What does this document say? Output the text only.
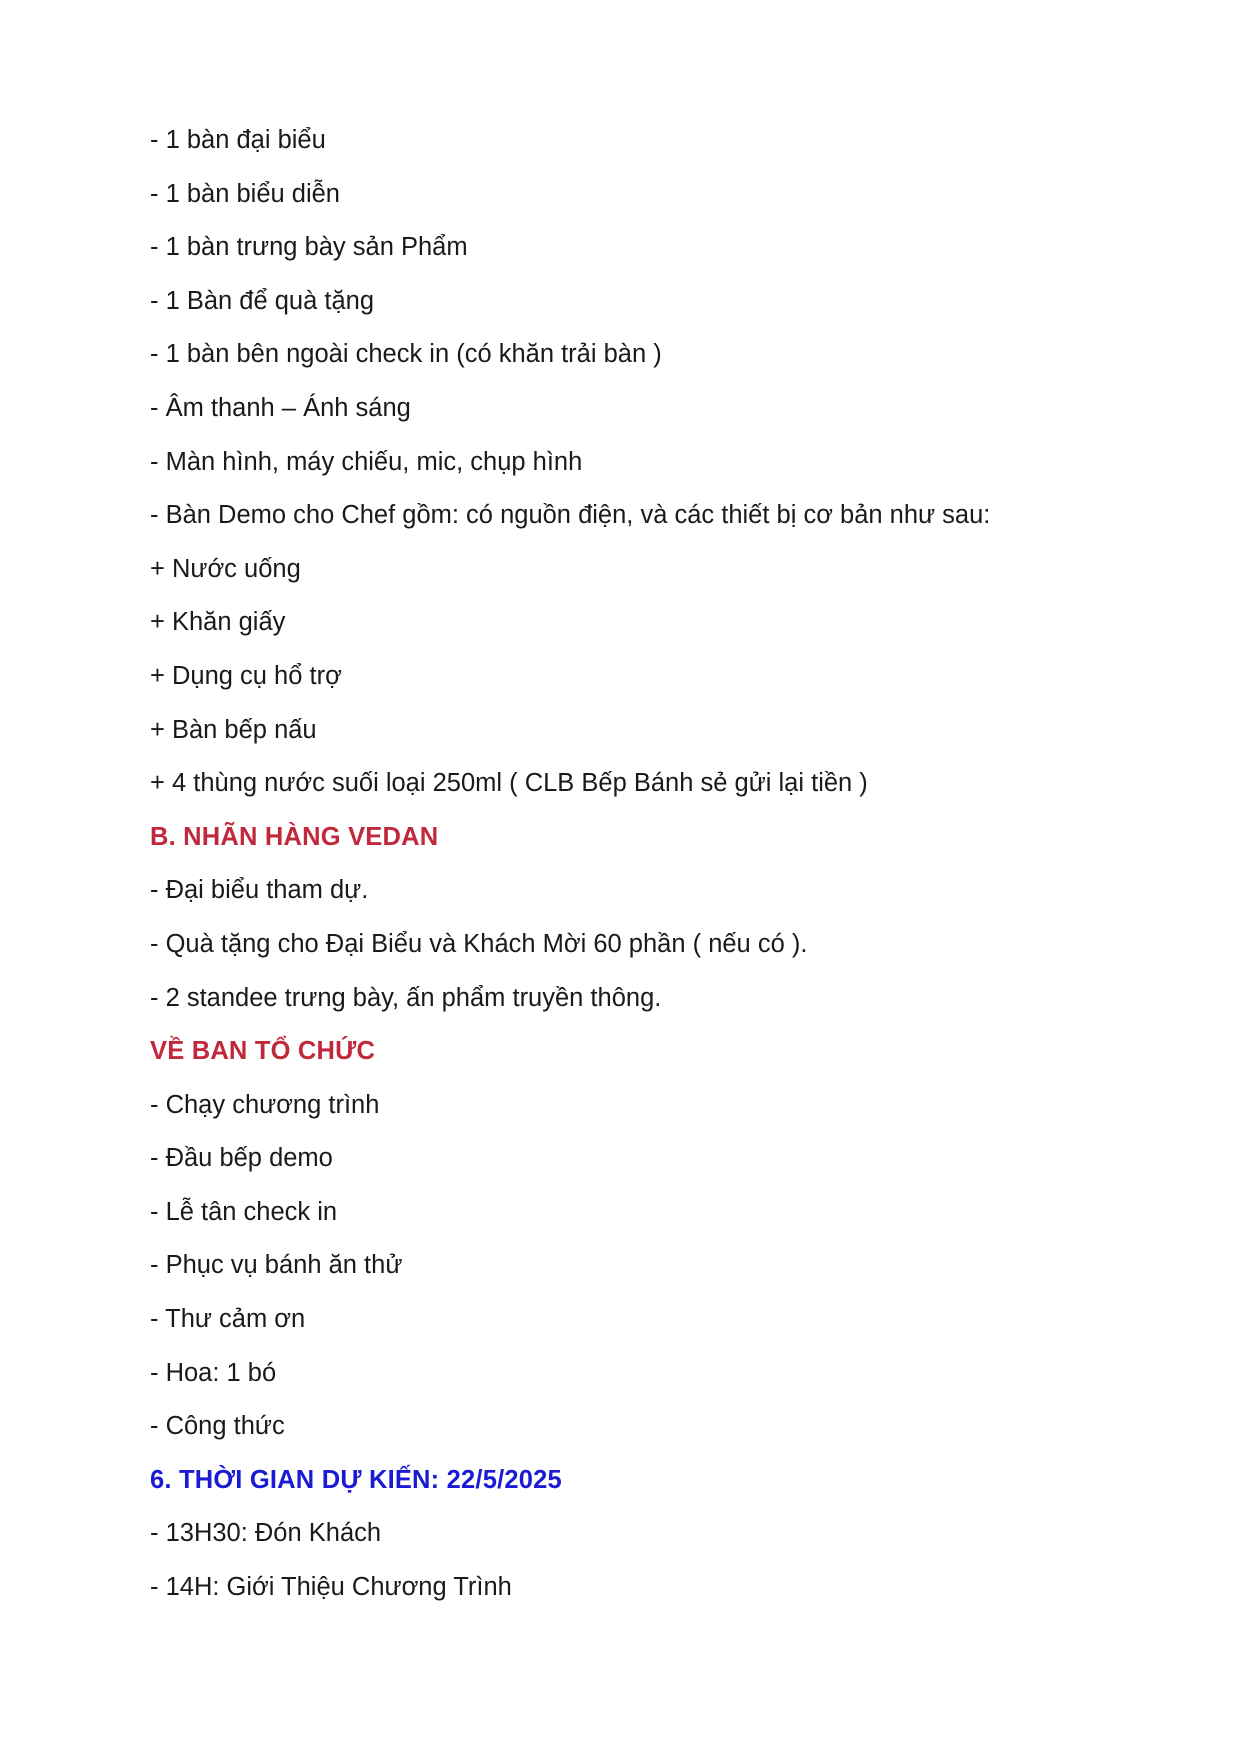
- 1 bàn đại biểu
- 1 bàn biểu diễn
- 1 bàn trưng bày sản Phẩm
- 1 Bàn để quà tặng
- 1 bàn bên ngoài check in (có khăn trải bàn )
- Âm thanh – Ánh sáng
- Màn hình, máy chiếu, mic, chụp hình
- Bàn Demo cho Chef gồm: có nguồn điện, và các thiết bị cơ bản như sau:
+ Nước uống
+ Khăn giấy
+ Dụng cụ hổ trợ
+ Bàn bếp nấu
+ 4 thùng nước suối loại 250ml ( CLB Bếp Bánh sẻ gửi lại tiền )
B. NHÃN HÀNG VEDAN
- Đại biểu tham dự.
- Quà tặng cho Đại Biểu và Khách Mời 60 phần ( nếu có ).
- 2 standee trưng bày, ấn phẩm truyền thông.
VỀ BAN TỔ CHỨC
- Chạy chương trình
- Đầu bếp demo
- Lễ tân check in
- Phục vụ bánh ăn thử
- Thư cảm ơn
- Hoa: 1 bó
- Công thức
6. THỜI GIAN DỰ KIẾN: 22/5/2025
- 13H30: Đón Khách
- 14H: Giới Thiệu Chương Trình
